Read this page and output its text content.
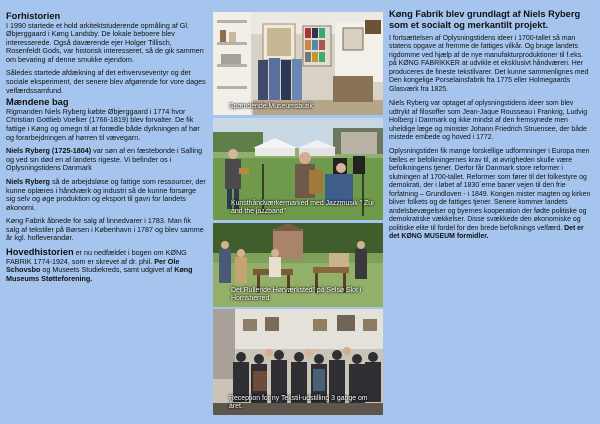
Forhistorien

I 1990 startede et hold arkitektstuderende opmåling af Gl. Øbjerggaard i Køng Landsby. De lokale beboere blev interesserede. Også daværende ejer Holger Tillisch, Rosenfeldt Gods, var historisk interesseret, så de gik sammen om bevaring af denne smukke ejendom.

Således startede afdækning af det erhvervseventyr og det sociale eksperiment, der senere blev afgørende for vore dages velfærdssamfund.

Mændene bag

Rigmanden Niels Ryberg købte Øbjerggaard i 1774 hvor Christian Gottlieb Voelker (1766-1819) blev forvalter. De fik fattige i Køng og omegn til at forædle både dyrkningen af hør og forarbejdningen af hørren til vævegarn.

Niels Ryberg (1725-1804) var søn af en fæstebonde i Salling og ved sin død en af landets rigeste. Vi befinder os i Oplysningstidens Danmark

Niels Ryberg så de arbejdsløse og fattige som ressourcer, der kunne oplæres i håndværk og industri så de kunne forsørge sig selv og øge produktion og eksport til gavn for landets økonomi.

Køng Fabrik åbnede for salg af linnedvarer i 1783. Man fik salg af tekstiler på Børsen i København i 1787 og blev samme år kgl. hofleverandør.

Hovedhistorien er nu nedfældet i bogen om KØNG FABRIK 1774-1924, som er skrevet af dr. phil. Per Ole Schovsbo og Museets Studiekreds, samt udgivet af Køng Museums Støtteforening.

Spændende Museumsbutik
Kunsthåndværkermarked med Jazzmusik " Zui and the jazzband"
Det Rullende Hørværksted" på Selsø Slot i Hornsherred
Reception for ny Tekstil-udstilling 3 gange om året.

Køng Fabrik blev grundlagt af Niels Ryberg som et socialt og merkantilt projekt.

I fortsættelsen af Oplysningstidens ideer i 1700-tallet så man statens opgave at fremme de fattiges vilkår. Og bruge landets rigdomme ved hjælp af de nye manufakturproduktioner til f.eks. på KØNG FABRIKKER at udvikle et eksklusivt håndværeri. Her produceres de fineste tekstilvarer. Det kunne sammenlignes med Den kongelige Porselainsfabrik fra 1775 eller Holmegaards Glasværk fra 1825.

Niels Ryberg var optaget af oplysningstidens ideer som blev udtrykt af filosoffer som Jean-Jaque Rousseau i Frankrig, Ludvig Holberg i Danmark og ikke mindst af den fremsynede men uheldige læge og minister Johann Friedrich Struensee, der både mistede embede og hoved i 1772.

Oplysningstiden fik mange forskellige udformninger i Europa men fælles er befolkningernes krav til, at øvrigheden skulle være befolkningens tjener. Derfor får Danmark store reformer i slutningen af 1700-tallet. Reformer som fører til det folkestyre og demokrati, der i løbet af 1830´erne baner vejen til den frie forfatning – Grundloven - i 1849. Kongen mister magten og kirken bliver folkets og de fattiges tjener. Senere kommer landets andelsbevægelser og byernes kooperation der fødte politiske og demokratiske vækkelser. Disse svækkede den økonomiske og politiske elite til fordel for den brede befolknings velfærd. Det er det KØNG MUSEUM formidler.
